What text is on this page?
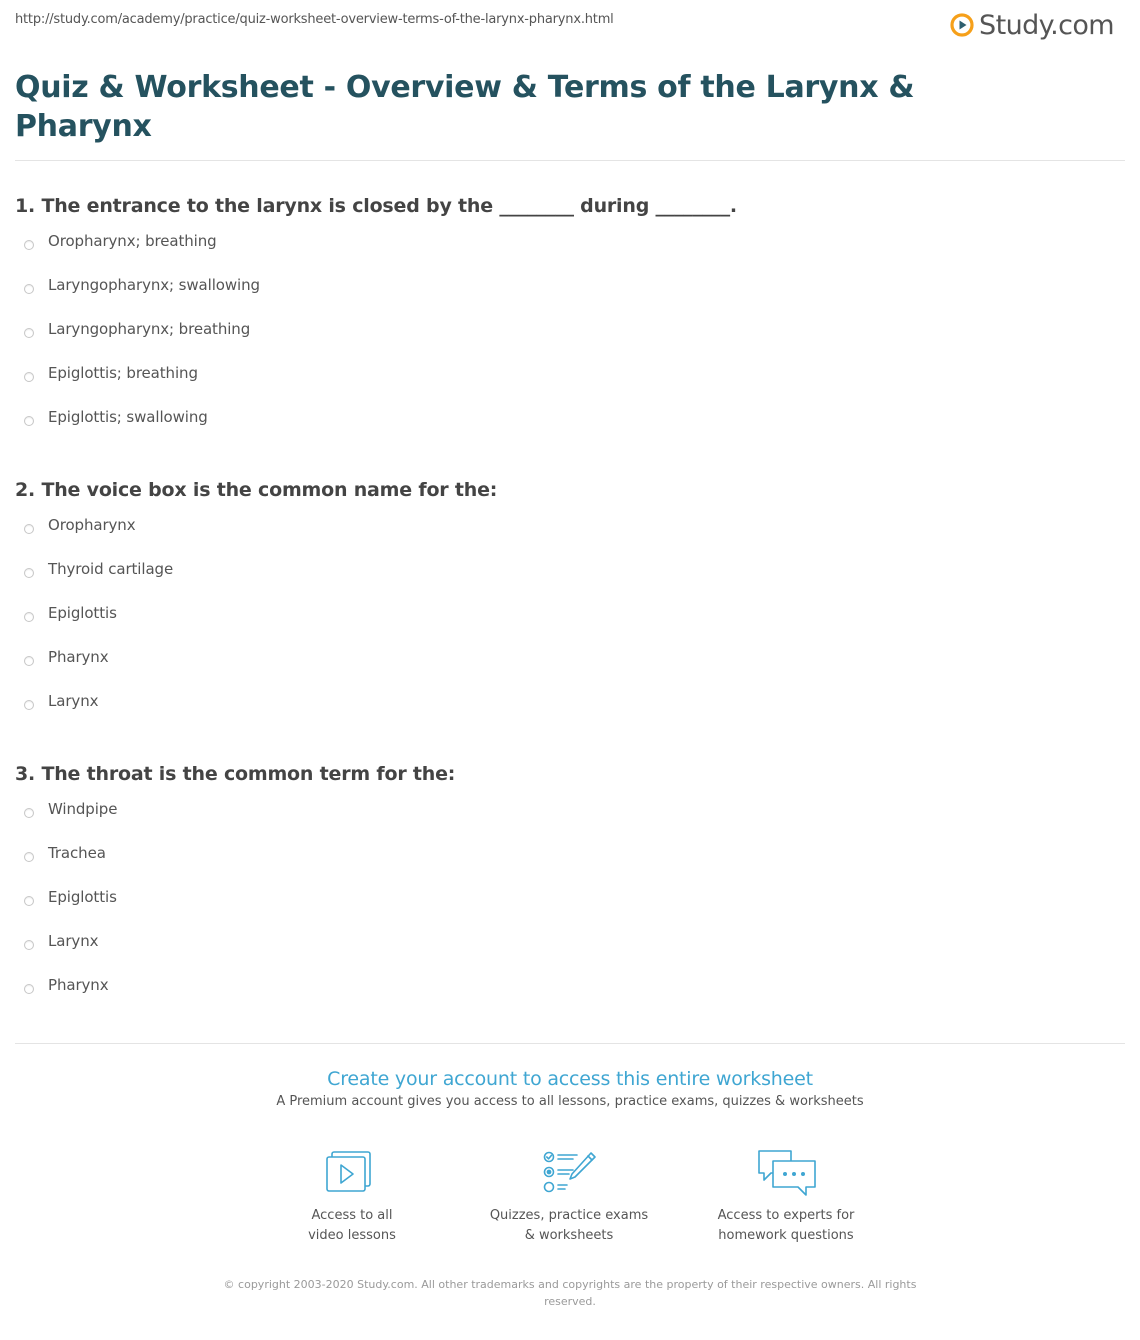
http://study.com/academy/practice/quiz-worksheet-overview-terms-of-the-larynx-pharynx.html	Study.com
Quiz & Worksheet - Overview & Terms of the Larynx & Pharynx

1. The entrance to the larynx is closed by the ________ during ________.

Oropharynx; breathing
Laryngopharynx; swallowing
Laryngopharynx; breathing
Epiglottis; breathing
Epiglottis; swallowing

2. The voice box is the common name for the:

Oropharynx
Thyroid cartilage
Epiglottis
Pharynx
Larynx

3. The throat is the common term for the:

Windpipe
Trachea
Epiglottis
Larynx
Pharynx

Create your account to access this entire worksheet

A Premium account gives you access to all lessons, practice exams, quizzes & worksheets

Access to all
video lessons
Quizzes, practice exams
& worksheets
Access to experts for
homework questions
© copyright 2003-2020 Study.com. All other trademarks and copyrights are the property of their respective owners. All rights reserved.
